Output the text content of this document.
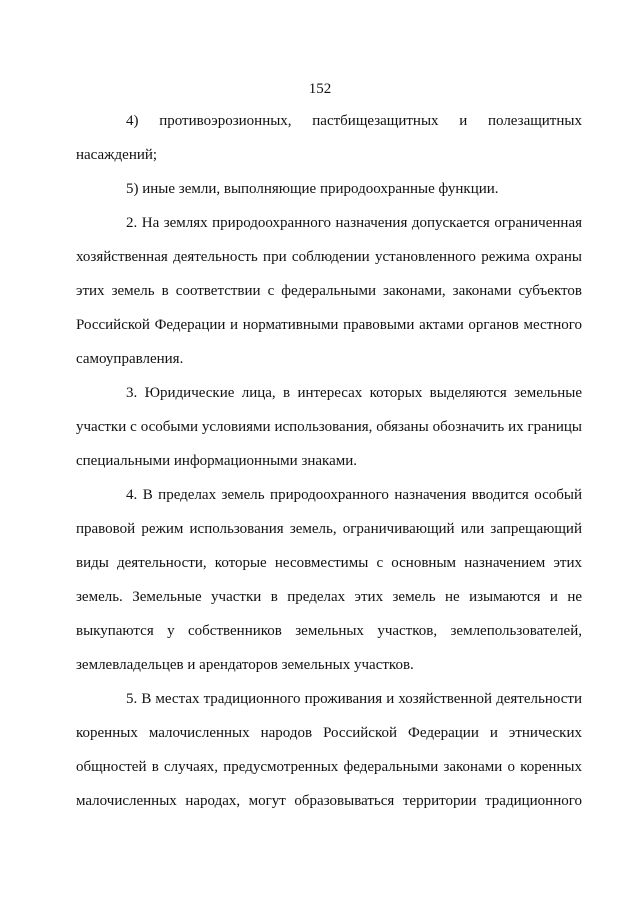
152
4) противоэрозионных, пастбищезащитных и полезащитных
насаждений;
5) иные земли, выполняющие природоохранные функции.
2. На землях природоохранного назначения допускается ограниченная
хозяйственная деятельность при соблюдении установленного режима охраны
этих земель в соответствии с федеральными законами, законами субъектов
Российской Федерации и нормативными правовыми актами органов местного
самоуправления.
3. Юридические лица, в интересах которых выделяются земельные
участки с особыми условиями использования, обязаны обозначить их границы
специальными информационными знаками.
4. В пределах земель природоохранного назначения вводится особый
правовой режим использования земель, ограничивающий или запрещающий
виды деятельности, которые несовместимы с основным назначением этих
земель. Земельные участки в пределах этих земель не изымаются и не
выкупаются у собственников земельных участков, землепользователей,
землевладельцев и арендаторов земельных участков.
5. В местах традиционного проживания и хозяйственной деятельности
коренных малочисленных народов Российской Федерации и этнических
общностей в случаях, предусмотренных федеральными законами о коренных
малочисленных народах, могут образовываться территории традиционного
